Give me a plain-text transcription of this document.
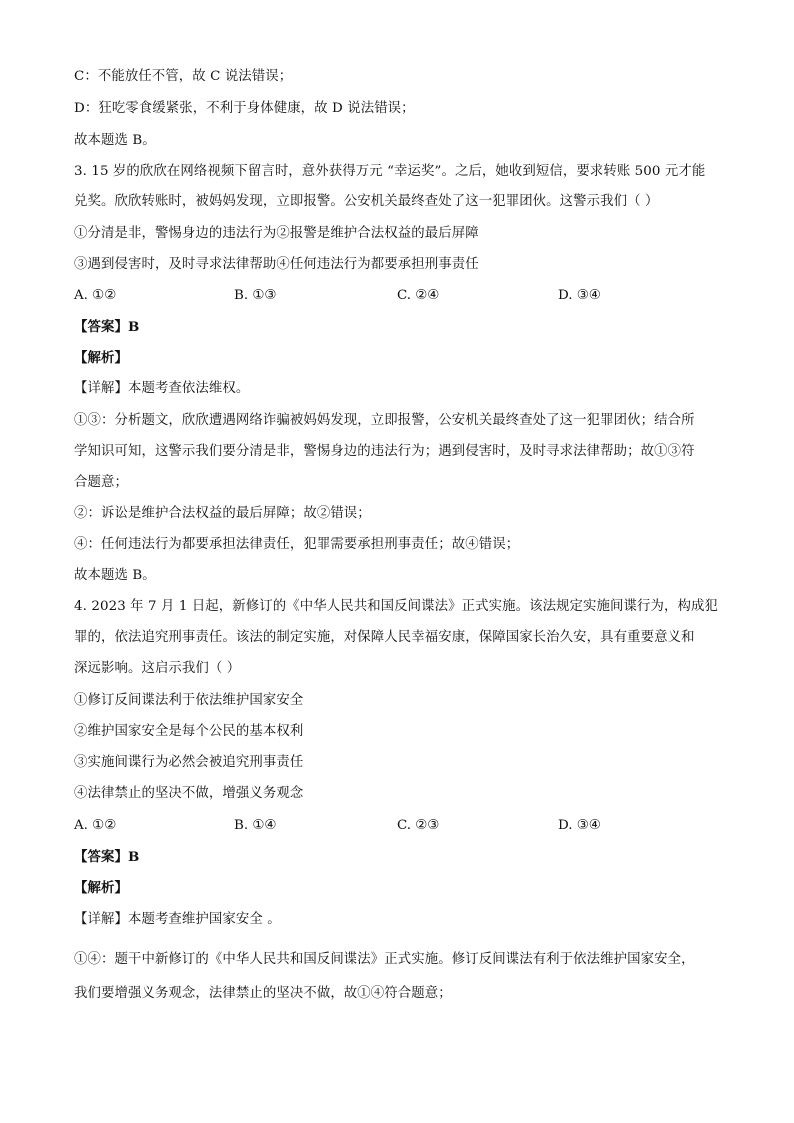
C：不能放任不管，故 C 说法错误；
D：狂吃零食缓紧张，不利于身体健康，故 D 说法错误；
故本题选 B。
3. 15 岁的欣欣在网络视频下留言时，意外获得万元 “幸运奖”。之后，她收到短信，要求转账 500 元才能
兑奖。欣欣转账时，被妈妈发现，立即报警。公安机关最终查处了这一犯罪团伙。这警示我们（ ）
①分清是非，警惕身边的违法行为②报警是维护合法权益的最后屏障
③遇到侵害时，及时寻求法律帮助④任何违法行为都要承担刑事责任
A. ①②	B. ①③	C. ②④	D. ③④
【答案】B
【解析】
【详解】本题考查依法维权。
①③：分析题文，欣欣遭遇网络诈骗被妈妈发现，立即报警，公安机关最终查处了这一犯罪团伙；结合所
学知识可知，这警示我们要分清是非，警惕身边的违法行为；遇到侵害时，及时寻求法律帮助；故①③符
合题意；
②：诉讼是维护合法权益的最后屏障；故②错误；
④：任何违法行为都要承担法律责任，犯罪需要承担刑事责任；故④错误；
故本题选 B。
4. 2023 年 7 月 1 日起，新修订的《中华人民共和国反间谍法》正式实施。该法规定实施间谍行为，构成犯
罪的，依法追究刑事责任。该法的制定实施，对保障人民幸福安康，保障国家长治久安，具有重要意义和
深远影响。这启示我们（ ）
①修订反间谍法利于依法维护国家安全
②维护国家安全是每个公民的基本权利
③实施间谍行为必然会被追究刑事责任
④法律禁止的坚决不做，增强义务观念
A. ①②	B. ①④	C. ②③	D. ③④
【答案】B
【解析】
【详解】本题考查维护国家安全 。
①④：题干中新修订的《中华人民共和国反间谍法》正式实施。修订反间谍法有利于依法维护国家安全，
我们要增强义务观念，法律禁止的坚决不做，故①④符合题意；
